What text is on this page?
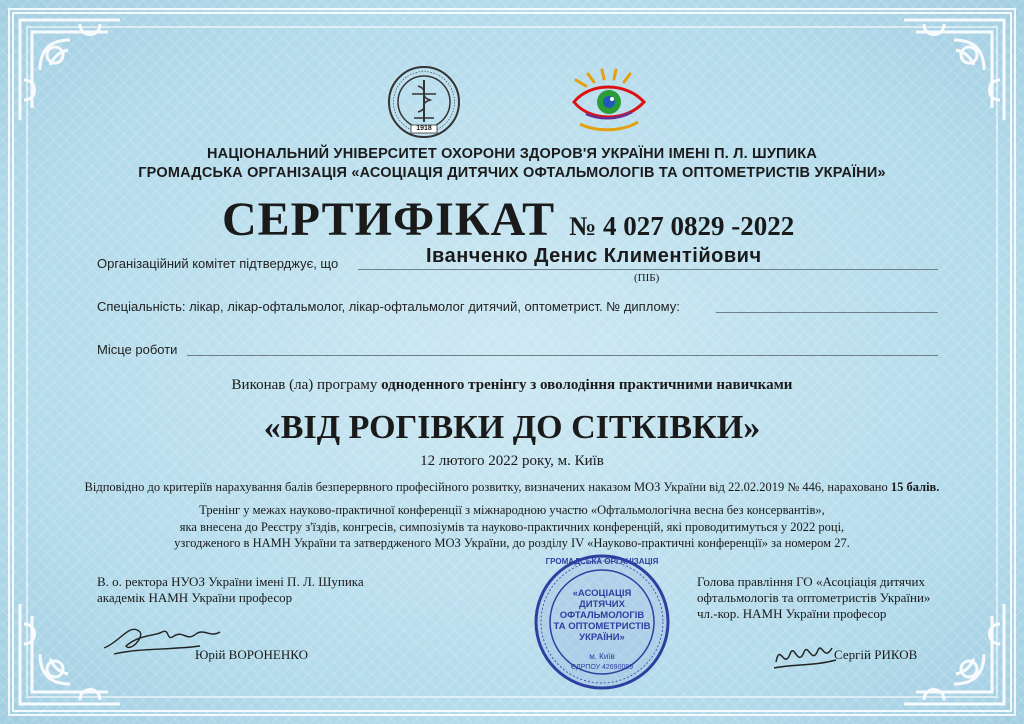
1918
НАЦІОНАЛЬНИЙ УНІВЕРСИТЕТ ОХОРОНИ ЗДОРОВ'Я УКРАЇНИ ІМЕНІ П. Л. ШУПИКА
ГРОМАДСЬКА ОРГАНІЗАЦІЯ «АСОЦІАЦІЯ ДИТЯЧИХ ОФТАЛЬМОЛОГІВ ТА ОПТОМЕТРИСТІВ УКРАЇНИ»
СЕРТИФІКАТ № 4 027 0829 -2022
Організаційний комітет підтверджує, що	Іванченко Денис Климентійович
(ПІБ)
Спеціальність: лікар, лікар-офтальмолог, лікар-офтальмолог дитячий, оптометрист. № диплому:
Місце роботи
Виконав (ла) програму одноденного тренінгу з оволодіння практичними навичками
«ВІД РОГІВКИ ДО СІТКІВКИ»
12 лютого 2022 року, м. Київ
Відповідно до критеріїв нарахування балів безперервного професійного розвитку, визначених наказом МОЗ України від 22.02.2019 № 446, нараховано 15 балів.
Тренінг у межах науково-практичної конференції з міжнародною участю «Офтальмологічна весна без консервантів»,
яка внесена до Реєстру з'їздів, конгресів, симпозіумів та науково-практичних конференцій, які проводитимуться у 2022 році,
узгодженого в НАМН України та затвердженого МОЗ України, до розділу IV «Науково-практичні конференції» за номером 27.
В. о. ректора НУОЗ України імені П. Л. Шупика
академік НАМН України професор
Юрій ВОРОНЕНКО
ГРОМАДСЬКА ОРГАНІЗАЦІЯ
«АСОЦІАЦІЯ
ДИТЯЧИХ
ОФТАЛЬМОЛОГІВ
ТА ОПТОМЕТРИСТІВ
УКРАЇНИ»
м. Київ
ЄДРПОУ 42690099
Голова правління ГО «Асоціація дитячих
офтальмологів та оптометристів України»
чл.-кор. НАМН України професор
Сергій РИКОВ
